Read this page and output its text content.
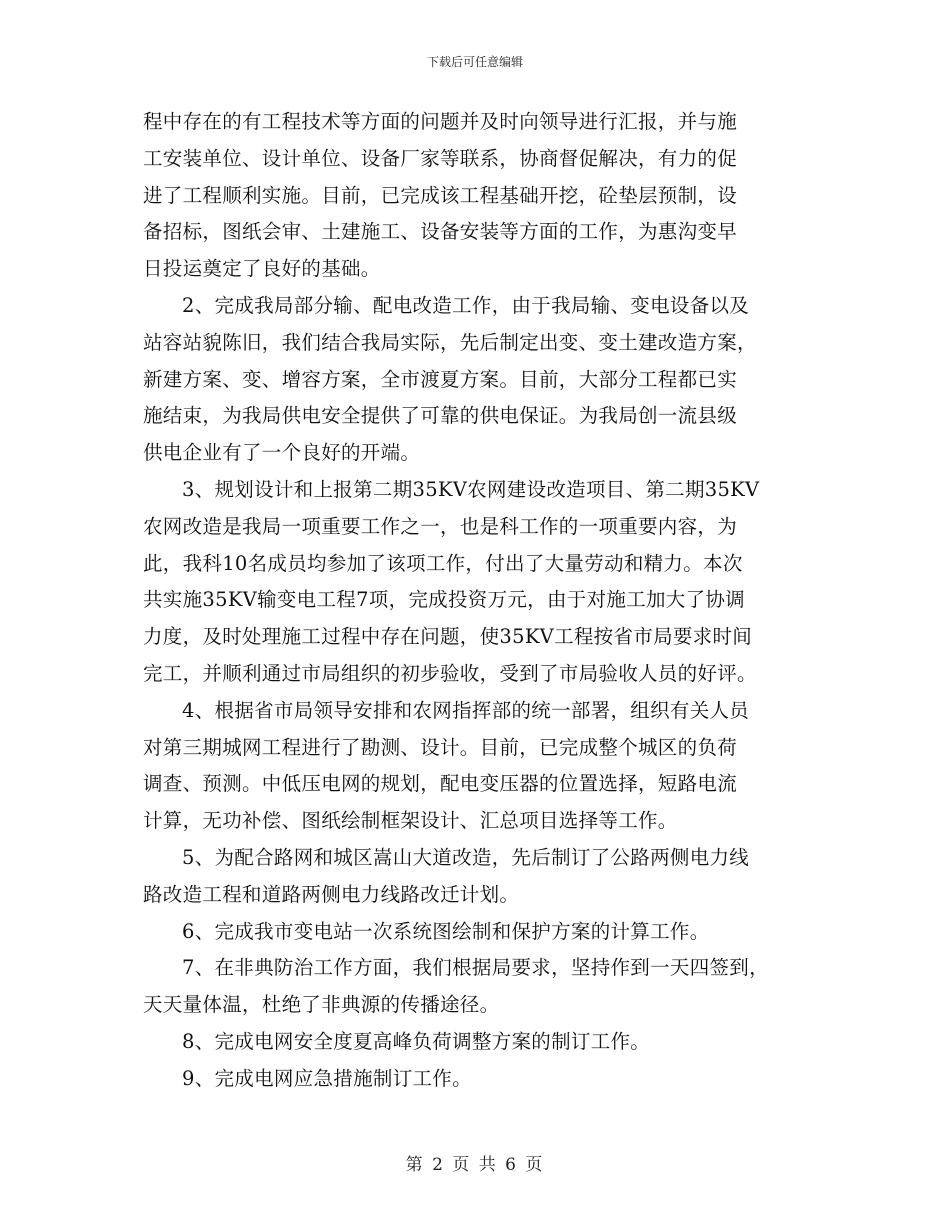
下载后可任意编辑
程中存在的有工程技术等方面的问题并及时向领导进行汇报，并与施
工安装单位、设计单位、设备厂家等联系，协商督促解决，有力的促
进了工程顺利实施。目前，已完成该工程基础开挖，砼垫层预制，设
备招标，图纸会审、土建施工、设备安装等方面的工作，为惠沟变早
日投运奠定了良好的基础。
2、完成我局部分输、配电改造工作，由于我局输、变电设备以及
站容站貌陈旧，我们结合我局实际，先后制定出变、变土建改造方案，
新建方案、变、增容方案，全市渡夏方案。目前，大部分工程都已实
施结束，为我局供电安全提供了可靠的供电保证。为我局创一流县级
供电企业有了一个良好的开端。
3、规划设计和上报第二期35KV农网建设改造项目、第二期35KV
农网改造是我局一项重要工作之一，也是科工作的一项重要内容，为
此，我科10名成员均参加了该项工作，付出了大量劳动和精力。本次
共实施35KV输变电工程7项，完成投资万元，由于对施工加大了协调
力度，及时处理施工过程中存在问题，使35KV工程按省市局要求时间
完工，并顺利通过市局组织的初步验收，受到了市局验收人员的好评。
4、根据省市局领导安排和农网指挥部的统一部署，组织有关人员
对第三期城网工程进行了勘测、设计。目前，已完成整个城区的负荷
调查、预测。中低压电网的规划，配电变压器的位置选择，短路电流
计算，无功补偿、图纸绘制框架设计、汇总项目选择等工作。
5、为配合路网和城区嵩山大道改造，先后制订了公路两侧电力线
路改造工程和道路两侧电力线路改迁计划。
6、完成我市变电站一次系统图绘制和保护方案的计算工作。
7、在非典防治工作方面，我们根据局要求，坚持作到一天四签到，
天天量体温，杜绝了非典源的传播途径。
8、完成电网安全度夏高峰负荷调整方案的制订工作。
9、完成电网应急措施制订工作。
第 2 页 共 6 页
